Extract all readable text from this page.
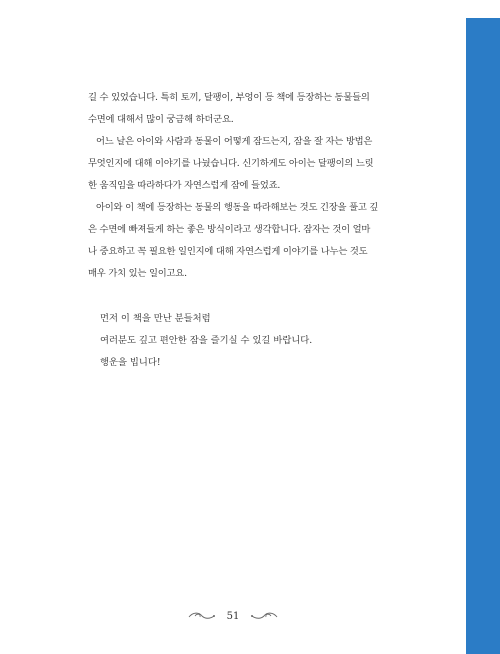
길 수 있었습니다. 특히 토끼, 달팽이, 부엉이 등 책에 등장하는 동물들의

수면에 대해서 많이 궁금해 하더군요.

어느 날은 아이와 사람과 동물이 어떻게 잠드는지, 잠을 잘 자는 방법은

무엇인지에 대해 이야기를 나눴습니다. 신기하게도 아이는 달팽이의 느릿

한 움직임을 따라하다가 자연스럽게 잠에 들었죠.

아이와 이 책에 등장하는 동물의 행동을 따라해보는 것도 긴장을 풀고 깊

은 수면에 빠져들게 하는 좋은 방식이라고 생각합니다. 잠자는 것이 얼마

나 중요하고 꼭 필요한 일인지에 대해 자연스럽게 이야기를 나누는 것도

매우 가치 있는 일이고요.

먼저 이 책을 만난 분들처럼

여러분도 깊고 편안한 잠을 즐기실 수 있길 바랍니다.

행운을 빕니다!

51
